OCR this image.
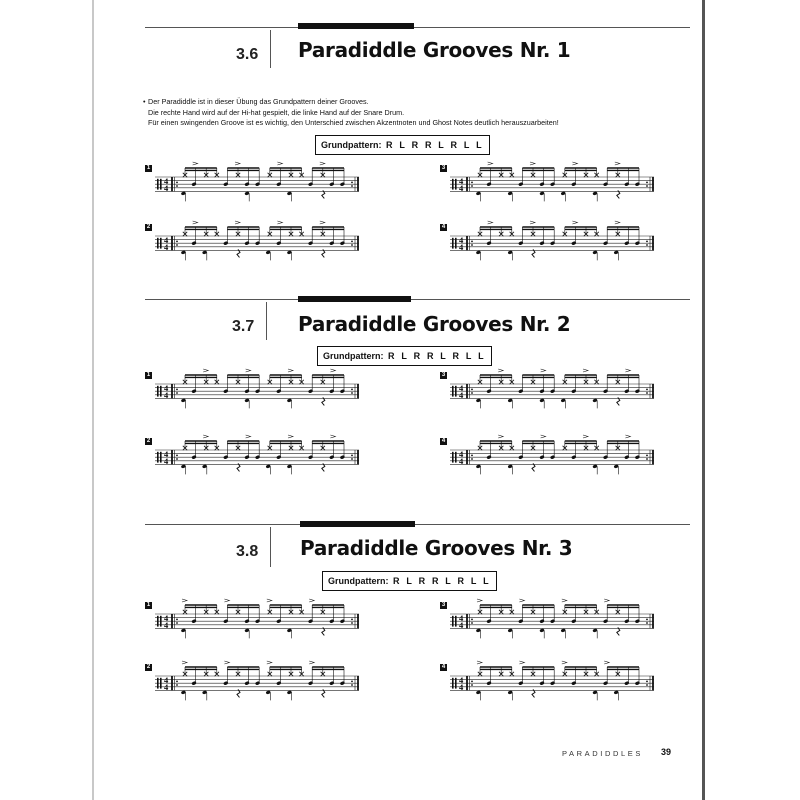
3.6 Paradiddle Grooves Nr. 1
• Der Paradiddle ist in dieser Übung das Grundpattern deiner Grooves.
Die rechte Hand wird auf der Hi-hat gespielt, die linke Hand auf der Snare Drum.
Für einen swingenden Groove ist es wichtig, den Unterschied zwischen Akzentnoten und Ghost Notes deutlich herauszuarbeiten!
Grundpattern: R L R R L R L L
1
4
4
2
4
4
3
4
4
4
4
4
3.7 Paradiddle Grooves Nr. 2
Grundpattern: R L R R L R L L
1
4
4
2
4
4
3
4
4
4
4
4
3.8 Paradiddle Grooves Nr. 3
Grundpattern: R L R R L R L L
1
4
4
2
4
4
3
4
4
4
4
4
PARADIDDLES 39
